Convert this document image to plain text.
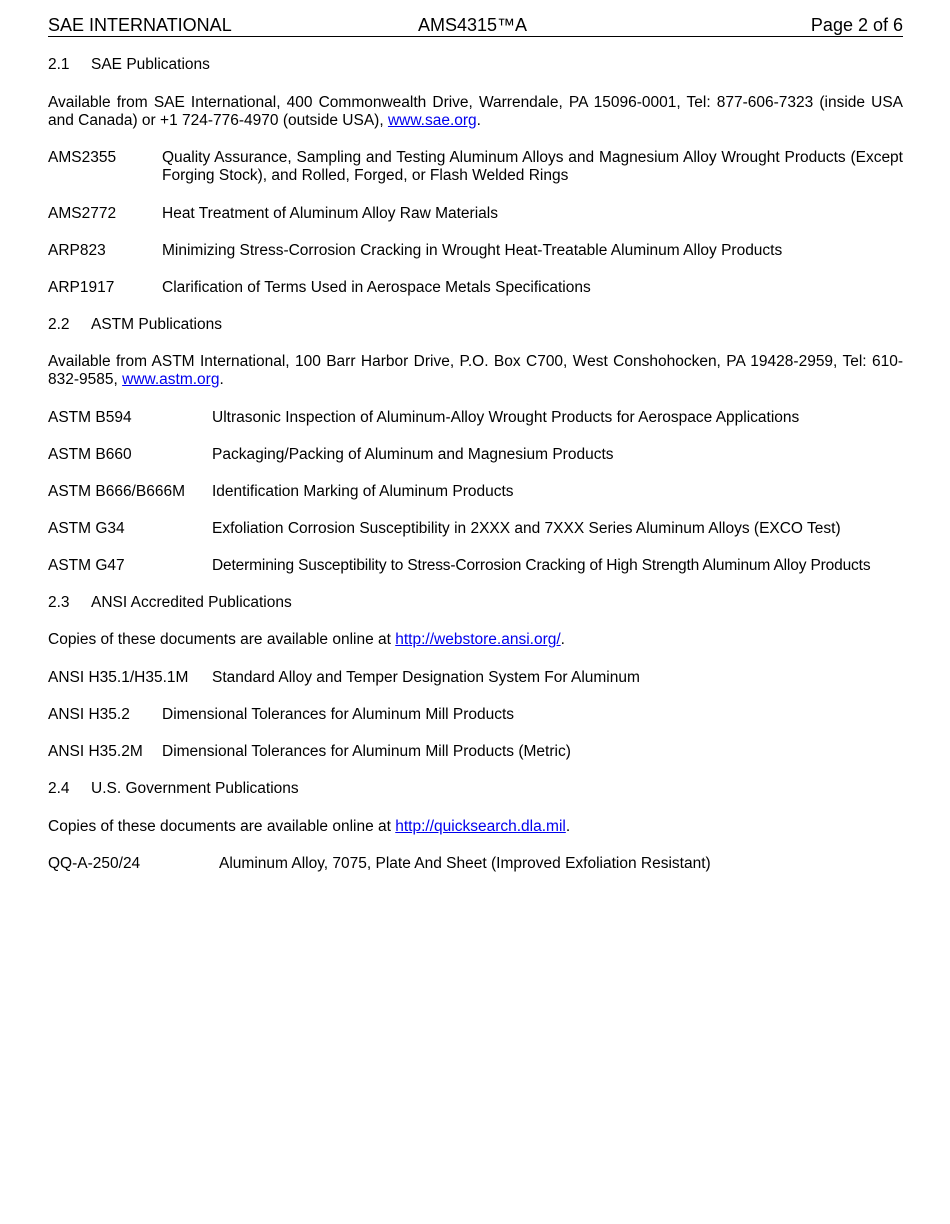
SAE INTERNATIONAL	AMS4315™A	Page 2 of 6
2.1 SAE Publications
Available from SAE International, 400 Commonwealth Drive, Warrendale, PA 15096-0001, Tel: 877-606-7323 (inside USA and Canada) or +1 724-776-4970 (outside USA), www.sae.org.
AMS2355	Quality Assurance, Sampling and Testing Aluminum Alloys and Magnesium Alloy Wrought Products (Except Forging Stock), and Rolled, Forged, or Flash Welded Rings
AMS2772	Heat Treatment of Aluminum Alloy Raw Materials
ARP823	Minimizing Stress-Corrosion Cracking in Wrought Heat-Treatable Aluminum Alloy Products
ARP1917	Clarification of Terms Used in Aerospace Metals Specifications
2.2 ASTM Publications
Available from ASTM International, 100 Barr Harbor Drive, P.O. Box C700, West Conshohocken, PA 19428-2959, Tel: 610-832-9585, www.astm.org.
ASTM B594	Ultrasonic Inspection of Aluminum-Alloy Wrought Products for Aerospace Applications
ASTM B660	Packaging/Packing of Aluminum and Magnesium Products
ASTM B666/B666M Identification Marking of Aluminum Products
ASTM G34	Exfoliation Corrosion Susceptibility in 2XXX and 7XXX Series Aluminum Alloys (EXCO Test)
ASTM G47	Determining Susceptibility to Stress-Corrosion Cracking of High Strength Aluminum Alloy Products
2.3 ANSI Accredited Publications
Copies of these documents are available online at http://webstore.ansi.org/.
ANSI H35.1/H35.1M Standard Alloy and Temper Designation System For Aluminum
ANSI H35.2 Dimensional Tolerances for Aluminum Mill Products
ANSI H35.2M Dimensional Tolerances for Aluminum Mill Products (Metric)
2.4 U.S. Government Publications
Copies of these documents are available online at http://quicksearch.dla.mil.
QQ-A-250/24	Aluminum Alloy, 7075, Plate And Sheet (Improved Exfoliation Resistant)
